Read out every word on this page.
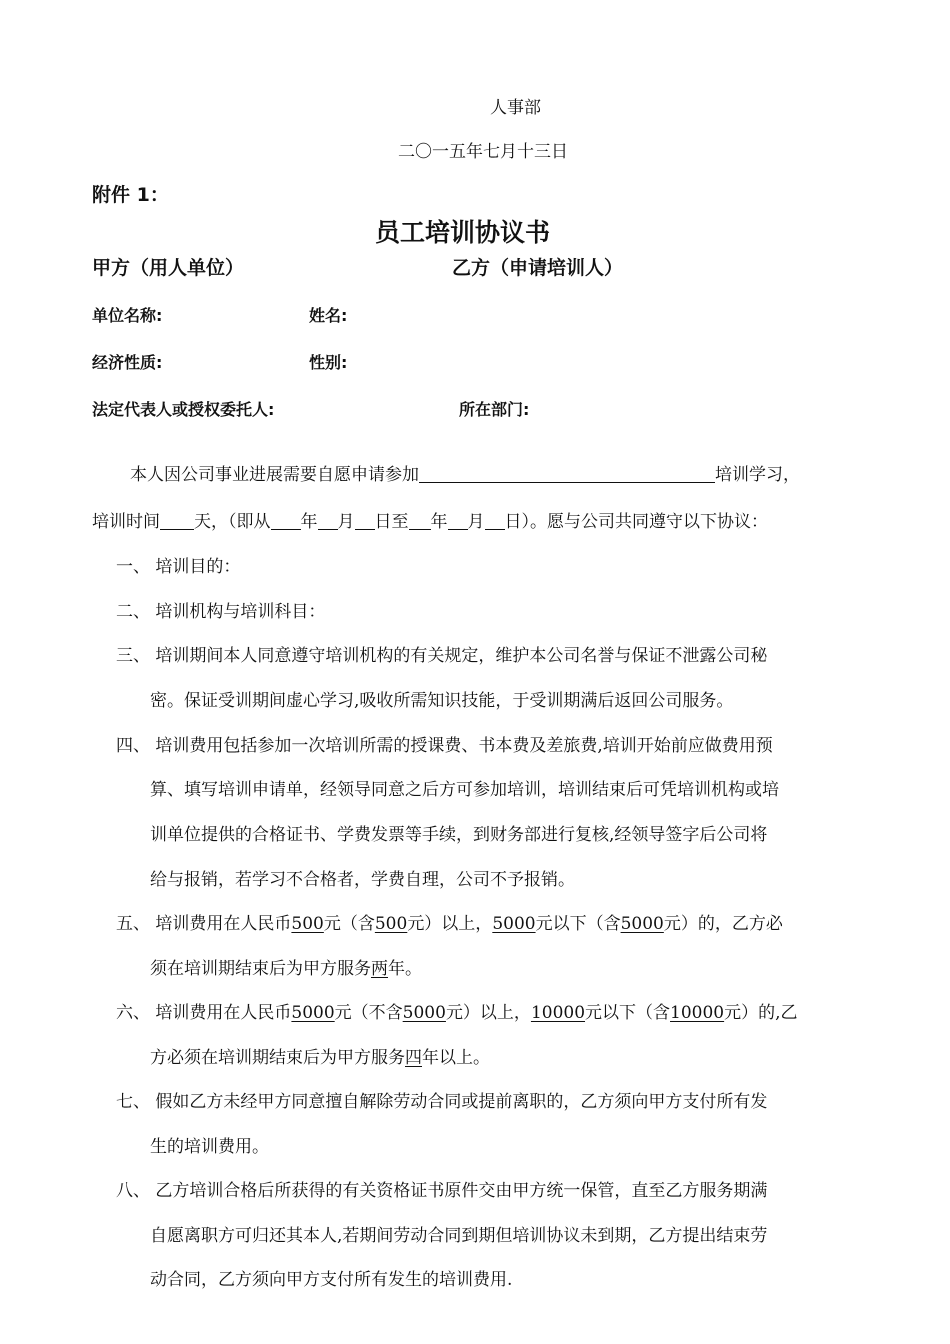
人事部
二〇一五年七月十三日
附件 1：
员工培训协议书
甲方（用人单位）	乙方（申请培训人）
单位名称:	姓名:
经济性质:	性别:
法定代表人或授权委托人:	所在部门:
本人因公司事业进展需要自愿申请参加	培训学习，
培训时间 天，（即从 年 月 日至 年 月 日）。愿与公司共同遵守以下协议：
一、 培训目的：
二、 培训机构与培训科目：
三、 培训期间本人同意遵守培训机构的有关规定，维护本公司名誉与保证不泄露公司秘
密。保证受训期间虚心学习,吸收所需知识技能，于受训期满后返回公司服务。
四、 培训费用包括参加一次培训所需的授课费、书本费及差旅费,培训开始前应做费用预
算、填写培训申请单，经领导同意之后方可参加培训，培训结束后可凭培训机构或培
训单位提供的合格证书、学费发票等手续，到财务部进行复核,经领导签字后公司将
给与报销，若学习不合格者，学费自理，公司不予报销。
五、 培训费用在人民币500元（含500元）以上，5000元以下（含5000元）的，乙方必
须在培训期结束后为甲方服务两年。
六、 培训费用在人民币5000元（不含5000元）以上，10000元以下（含10000元）的,乙
方必须在培训期结束后为甲方服务四年以上。
七、 假如乙方未经甲方同意擅自解除劳动合同或提前离职的，乙方须向甲方支付所有发
生的培训费用。
八、 乙方培训合格后所获得的有关资格证书原件交由甲方统一保管，直至乙方服务期满
自愿离职方可归还其本人,若期间劳动合同到期但培训协议未到期，乙方提出结束劳
动合同，乙方须向甲方支付所有发生的培训费用.
